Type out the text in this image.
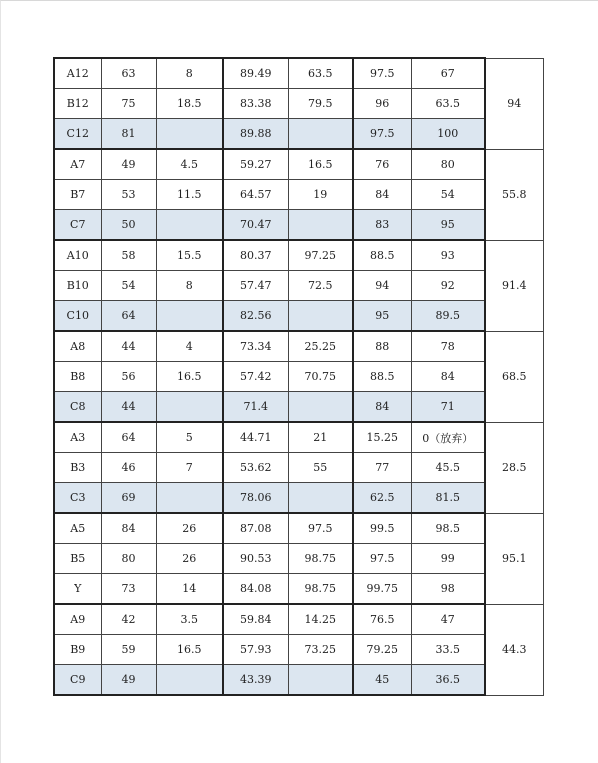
A12	63	8	89.49	63.5	97.5	67	94
B12	75	18.5	83.38	79.5	96	63.5	
C12	81		89.88		97.5	100	
A7	49	4.5	59.27	16.5	76	80	55.8
B7	53	11.5	64.57	19	84	54	
C7	50		70.47		83	95	
A10	58	15.5	80.37	97.25	88.5	93	91.4
B10	54	8	57.47	72.5	94	92	
C10	64		82.56		95	89.5	
A8	44	4	73.34	25.25	88	78	68.5
B8	56	16.5	57.42	70.75	88.5	84	
C8	44		71.4		84	71	
A3	64	5	44.71	21	15.25	0（放弃）	28.5
B3	46	7	53.62	55	77	45.5	
C3	69		78.06		62.5	81.5	
A5	84	26	87.08	97.5	99.5	98.5	95.1
B5	80	26	90.53	98.75	97.5	99	
Y	73	14	84.08	98.75	99.75	98	
A9	42	3.5	59.84	14.25	76.5	47	44.3
B9	59	16.5	57.93	73.25	79.25	33.5	
C9	49		43.39		45	36.5	
